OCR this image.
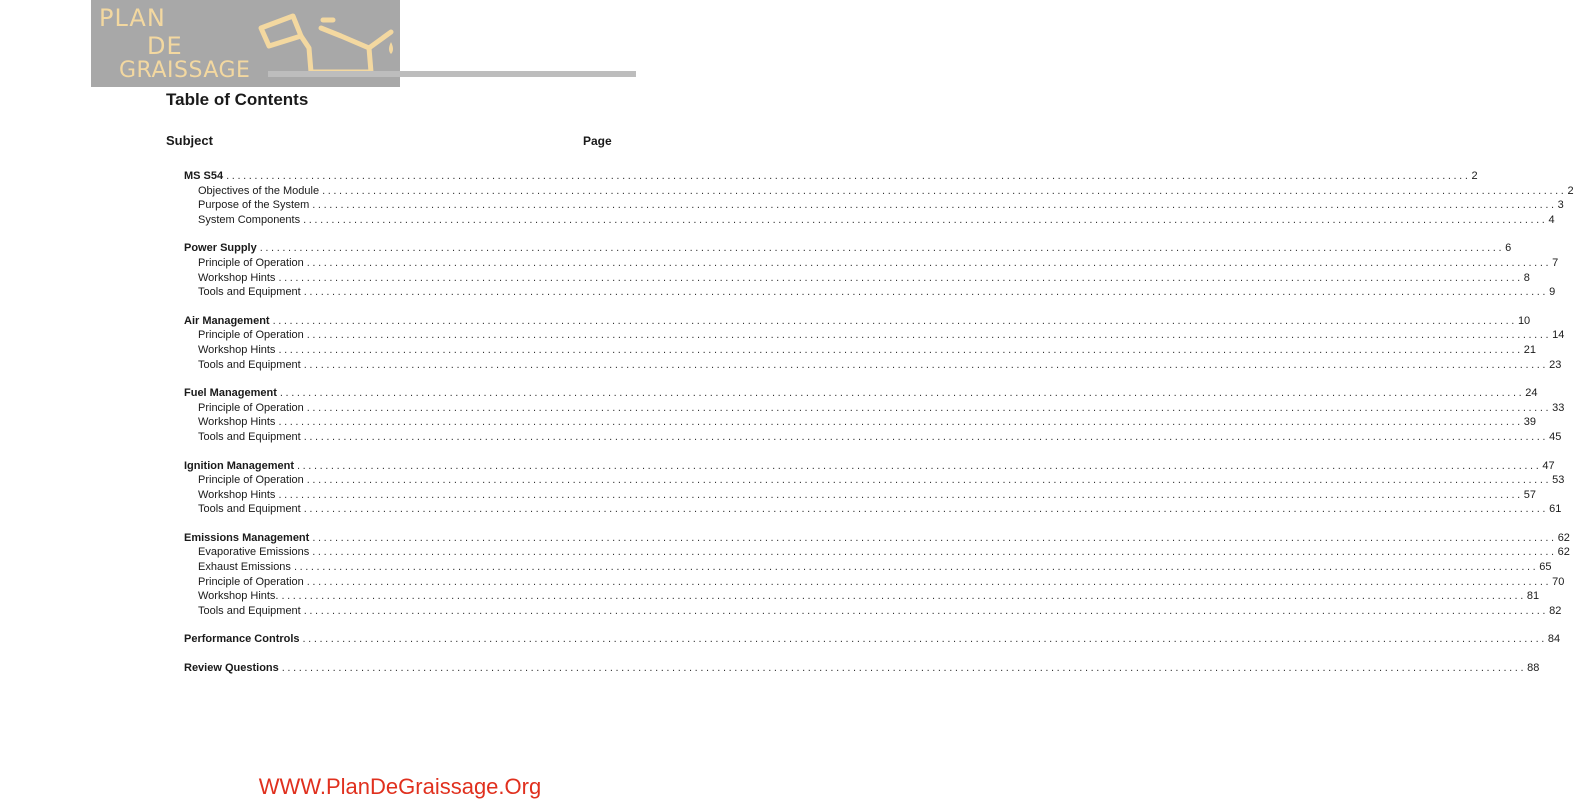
PLAN
DE
GRAISSAGE
Table of Contents
Subject	Page
MS S54 ............................................................................................................................................................................................................................ 2
Objectives of the Module ............................................................................................................................................................................................................................ 2
Purpose of the System ............................................................................................................................................................................................................................ 3
System Components ............................................................................................................................................................................................................................ 4
Power Supply ............................................................................................................................................................................................................................ 6
Principle of Operation ............................................................................................................................................................................................................................ 7
Workshop Hints ............................................................................................................................................................................................................................ 8
Tools and Equipment ............................................................................................................................................................................................................................ 9
Air Management ............................................................................................................................................................................................................................ 10
Principle of Operation ............................................................................................................................................................................................................................ 14
Workshop Hints ............................................................................................................................................................................................................................ 21
Tools and Equipment ............................................................................................................................................................................................................................ 23
Fuel Management ............................................................................................................................................................................................................................ 24
Principle of Operation ............................................................................................................................................................................................................................ 33
Workshop Hints ............................................................................................................................................................................................................................ 39
Tools and Equipment ............................................................................................................................................................................................................................ 45
Ignition Management ............................................................................................................................................................................................................................ 47
Principle of Operation ............................................................................................................................................................................................................................ 53
Workshop Hints ............................................................................................................................................................................................................................ 57
Tools and Equipment ............................................................................................................................................................................................................................ 61
Emissions Management ............................................................................................................................................................................................................................ 62
Evaporative Emissions ............................................................................................................................................................................................................................ 62
Exhaust Emissions ............................................................................................................................................................................................................................ 65
Principle of Operation ............................................................................................................................................................................................................................ 70
Workshop Hints. ............................................................................................................................................................................................................................ 81
Tools and Equipment ............................................................................................................................................................................................................................ 82
Performance Controls ............................................................................................................................................................................................................................ 84
Review Questions ............................................................................................................................................................................................................................ 88
WWW.PlanDeGraissage.Org
